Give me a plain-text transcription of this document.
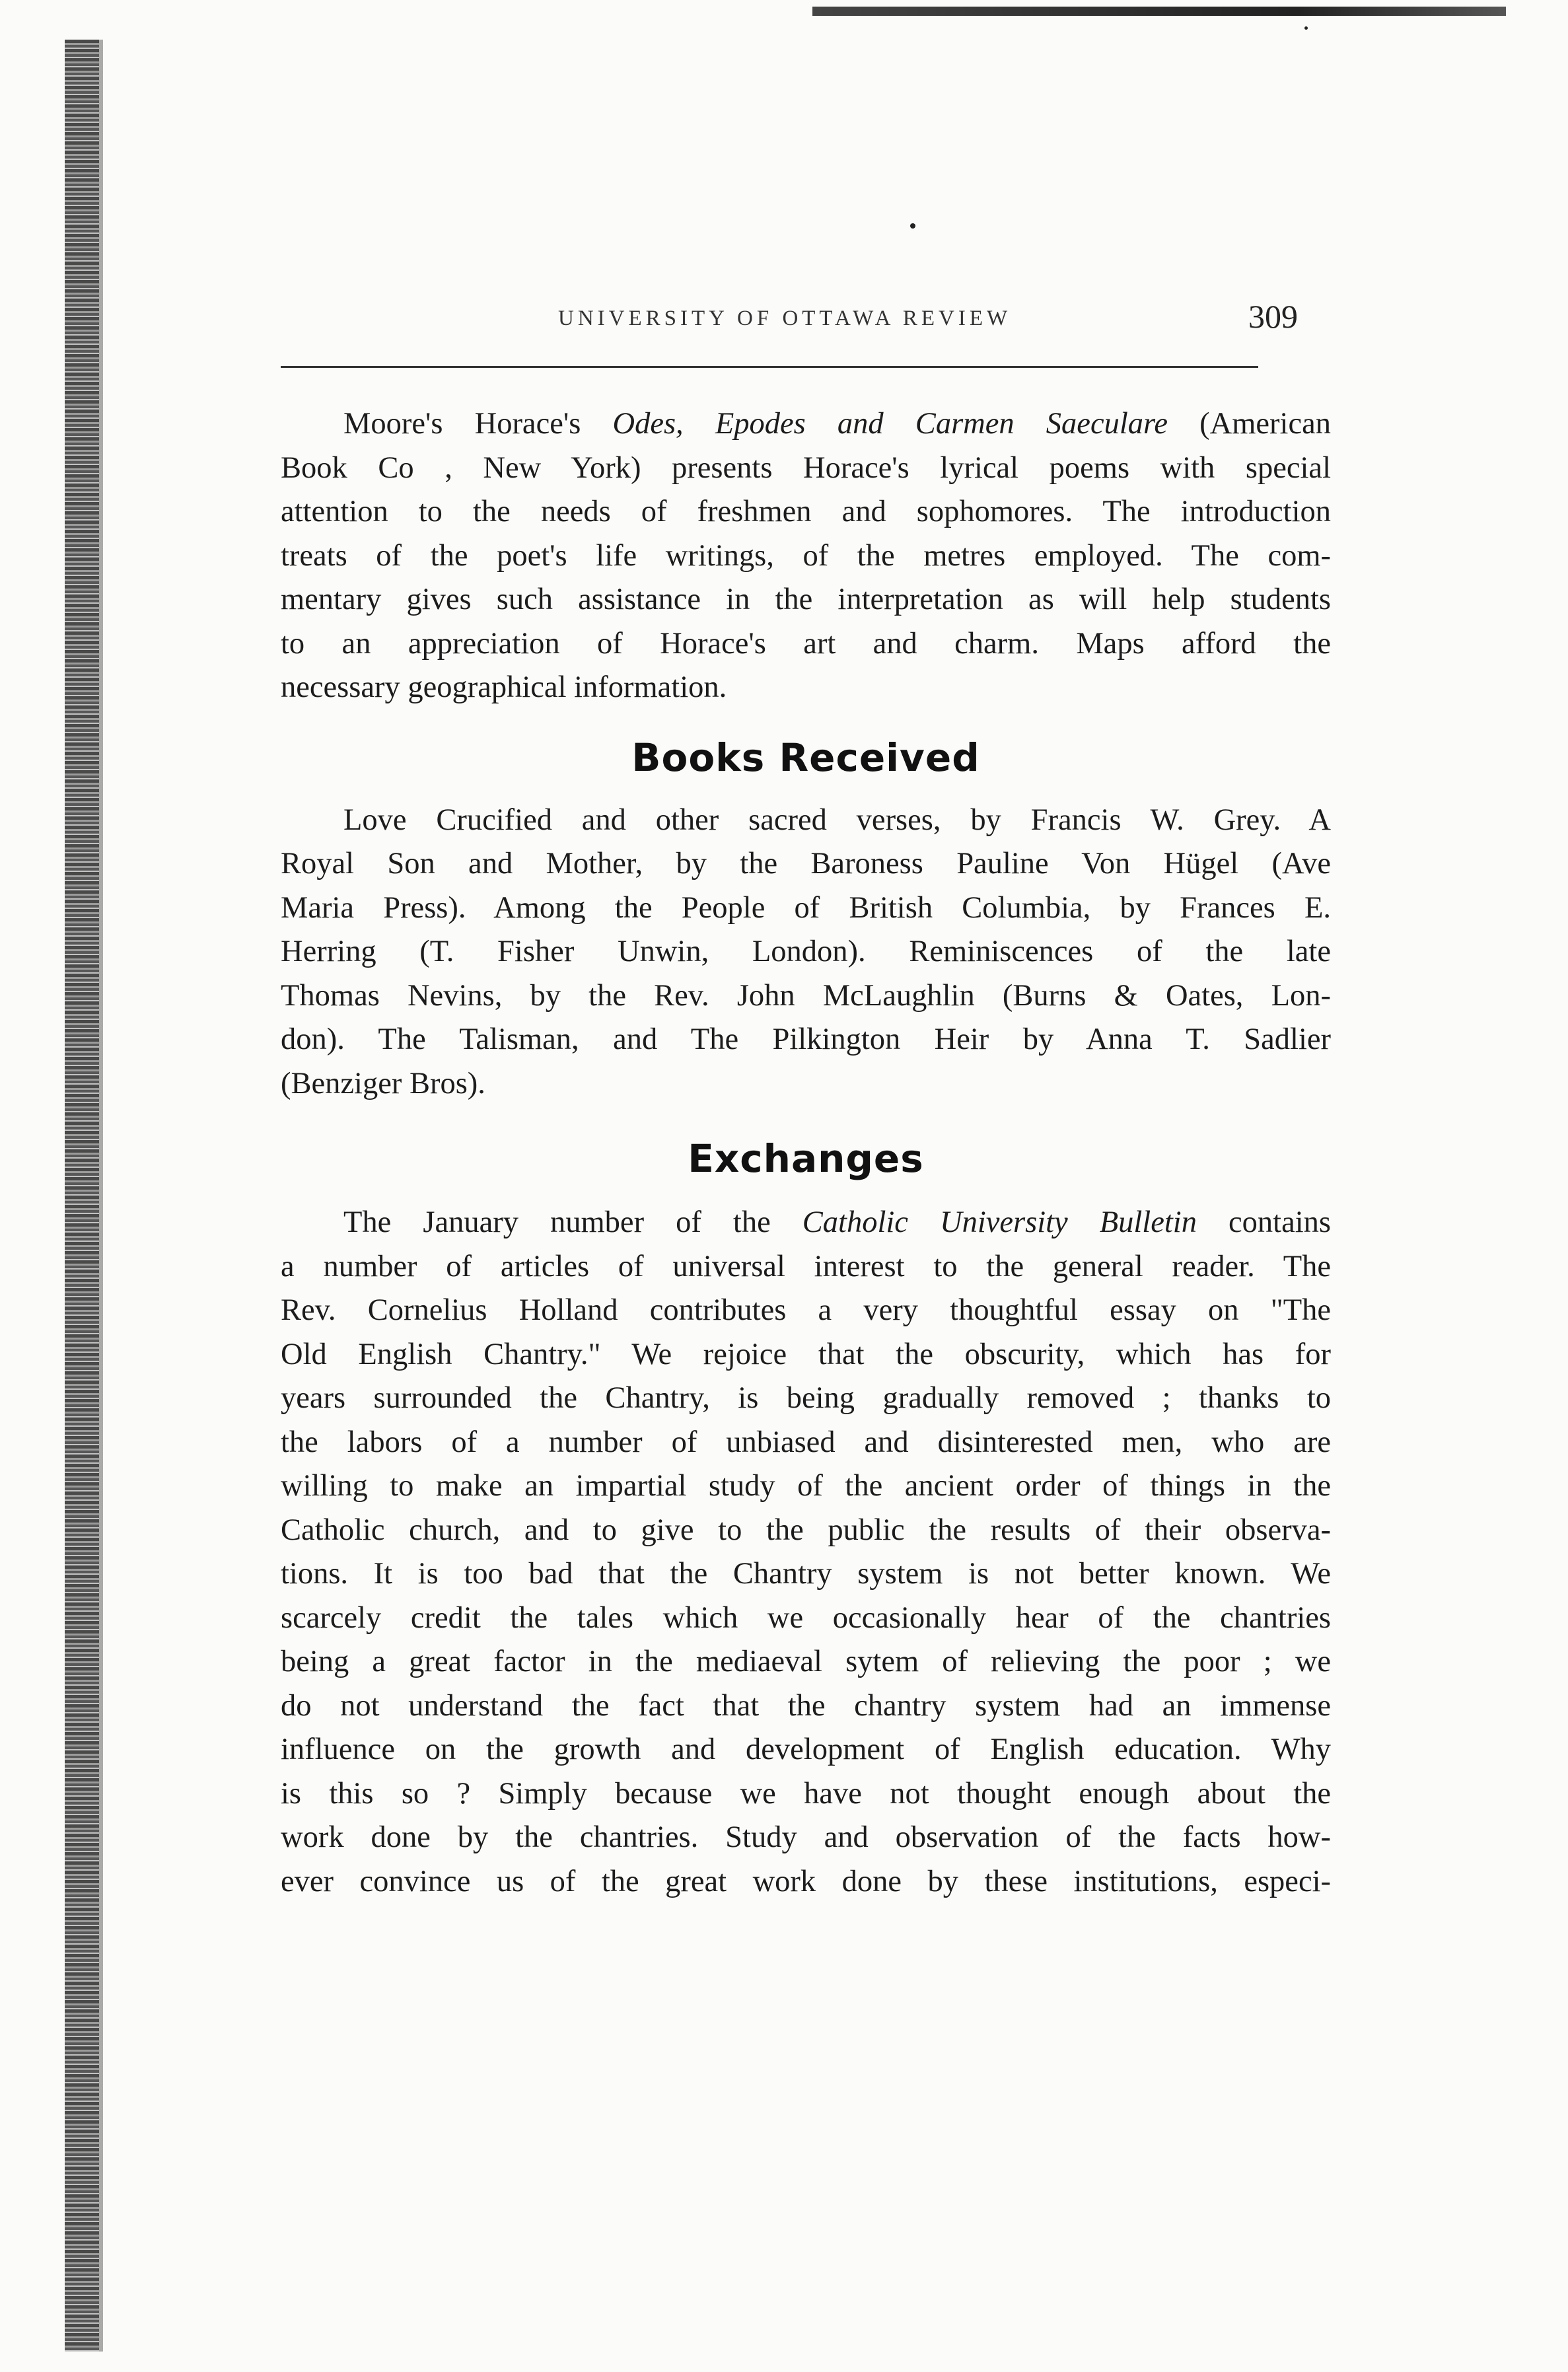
UNIVERSITY OF OTTAWA REVIEW	309

Moore's Horace's Odes, Epodes and Carmen Saeculare (American
Book Co , New York) presents Horace's lyrical poems with special
attention to the needs of freshmen and sophomores. The introduction
treats of the poet's life writings, of the metres employed. The com-
mentary gives such assistance in the interpretation as will help students
to an appreciation of Horace's art and charm. Maps afford the
necessary geographical information.

Books Received

Love Crucified and other sacred verses, by Francis W. Grey. A
Royal Son and Mother, by the Baroness Pauline Von Hügel (Ave
Maria Press). Among the People of British Columbia, by Frances E.
Herring (T. Fisher Unwin, London). Reminiscences of the late
Thomas Nevins, by the Rev. John McLaughlin (Burns & Oates, Lon-
don). The Talisman, and The Pilkington Heir by Anna T. Sadlier
(Benziger Bros).

Exchanges

The January number of the Catholic University Bulletin contains
a number of articles of universal interest to the general reader. The
Rev. Cornelius Holland contributes a very thoughtful essay on "The
Old English Chantry." We rejoice that the obscurity, which has for
years surrounded the Chantry, is being gradually removed ; thanks to
the labors of a number of unbiased and disinterested men, who are
willing to make an impartial study of the ancient order of things in the
Catholic church, and to give to the public the results of their observa-
tions. It is too bad that the Chantry system is not better known. We
scarcely credit the tales which we occasionally hear of the chantries
being a great factor in the mediaeval sytem of relieving the poor ; we
do not understand the fact that the chantry system had an immense
influence on the growth and development of English education. Why
is this so ? Simply because we have not thought enough about the
work done by the chantries. Study and observation of the facts how-
ever convince us of the great work done by these institutions, especi-
